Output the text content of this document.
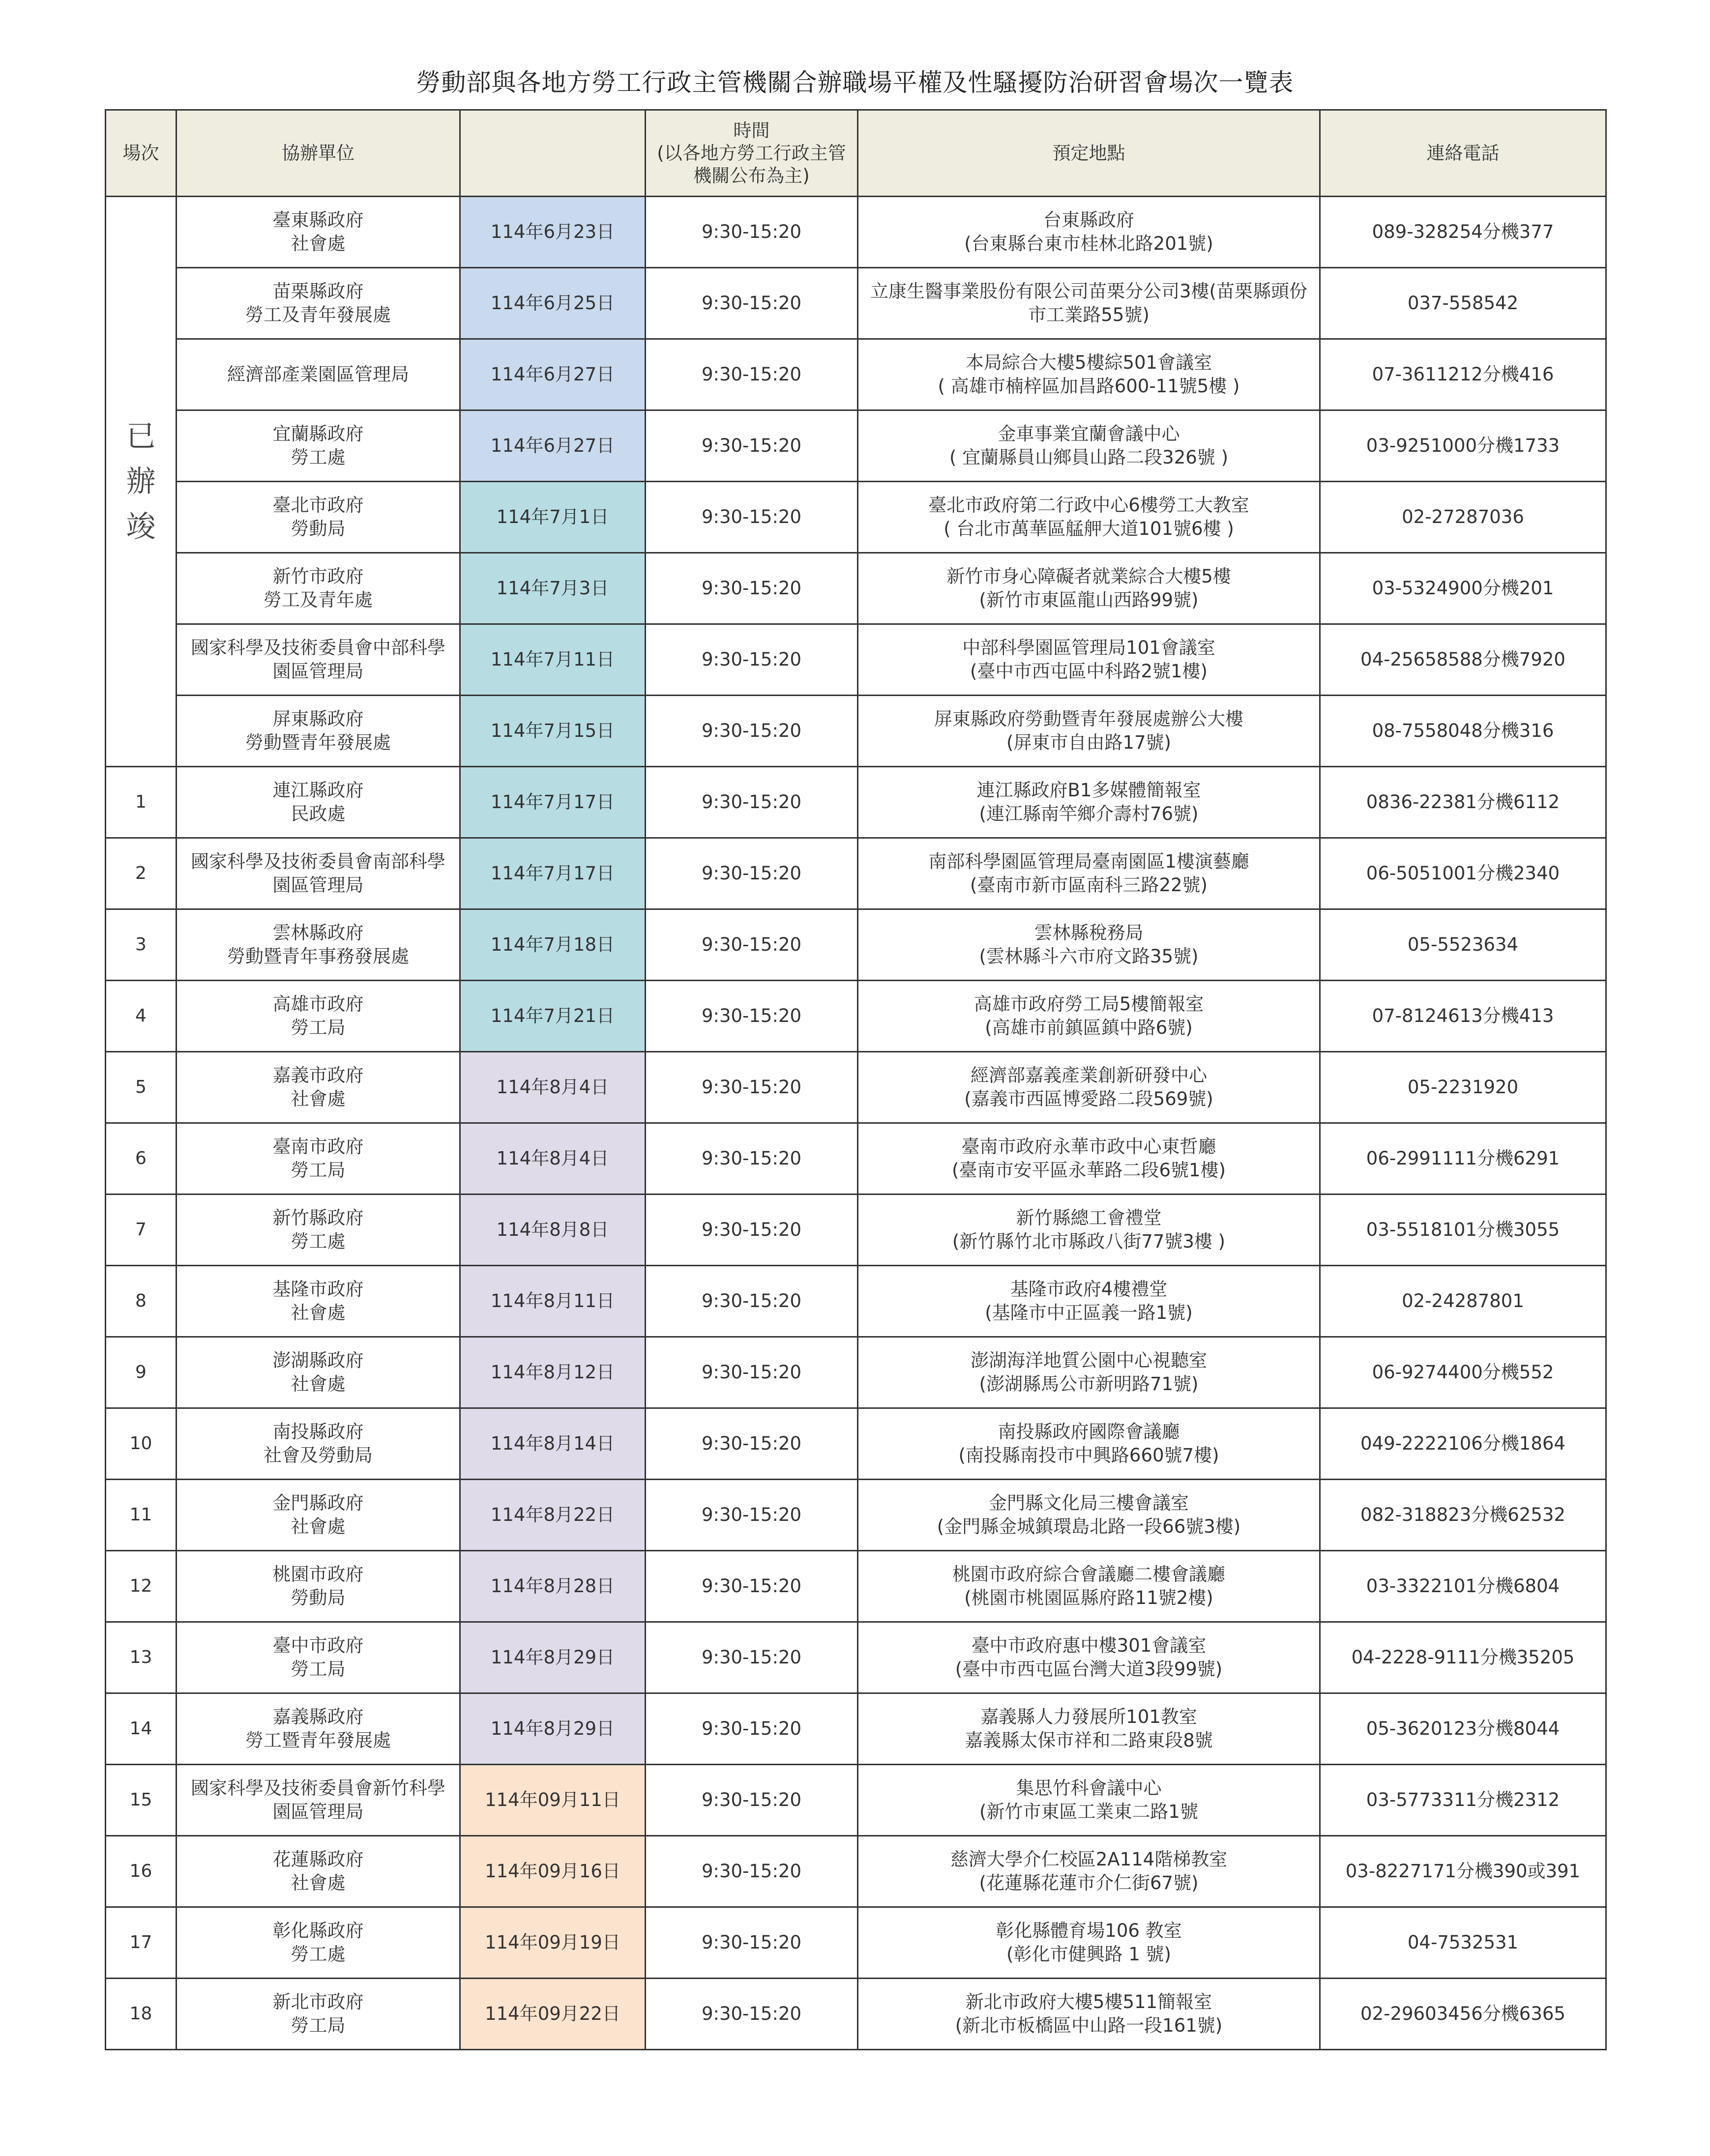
勞動部與各地方勞工行政主管機關合辦職場平權及性騷擾防治研習會場次一覽表
場次	協辦單位		時間
(以各地方勞工行政主管
機關公布為主)	預定地點	連絡電話

已
辦
竣	臺東縣政府
社會處	114年6月23日	9:30-15:20	台東縣政府
(台東縣台東市桂林北路201號)	089-328254分機377

	苗栗縣政府
勞工及青年發展處	114年6月25日	9:30-15:20	立康生醫事業股份有限公司苗栗分公司3樓(苗栗縣頭份
市工業路55號)	037-558542

	經濟部產業園區管理局	114年6月27日	9:30-15:20	本局綜合大樓5樓綜501會議室
( 高雄市楠梓區加昌路600-11號5樓 )	07-3611212分機416

	宜蘭縣政府
勞工處	114年6月27日	9:30-15:20	金車事業宜蘭會議中心
( 宜蘭縣員山鄉員山路二段326號 )	03-9251000分機1733

	臺北市政府
勞動局	114年7月1日	9:30-15:20	臺北市政府第二行政中心6樓勞工大教室
( 台北市萬華區艋舺大道101號6樓 )	02-27287036

	新竹市政府
勞工及青年處	114年7月3日	9:30-15:20	新竹市身心障礙者就業綜合大樓5樓
(新竹市東區龍山西路99號)	03-5324900分機201

	國家科學及技術委員會中部科學
園區管理局	114年7月11日	9:30-15:20	中部科學園區管理局101會議室
(臺中市西屯區中科路2號1樓)	04-25658588分機7920

	屏東縣政府
勞動暨青年發展處	114年7月15日	9:30-15:20	屏東縣政府勞動暨青年發展處辦公大樓
(屏東市自由路17號)	08-7558048分機316
1	連江縣政府
民政處	114年7月17日	9:30-15:20	連江縣政府B1多媒體簡報室
(連江縣南竿鄉介壽村76號)	0836-22381分機6112
2	國家科學及技術委員會南部科學
園區管理局	114年7月17日	9:30-15:20	南部科學園區管理局臺南園區1樓演藝廳
(臺南市新市區南科三路22號)	06-5051001分機2340
3	雲林縣政府
勞動暨青年事務發展處	114年7月18日	9:30-15:20	雲林縣稅務局
(雲林縣斗六市府文路35號)	05-5523634
4	高雄市政府
勞工局	114年7月21日	9:30-15:20	高雄市政府勞工局5樓簡報室
(高雄市前鎮區鎮中路6號)	07-8124613分機413
5	嘉義市政府
社會處	114年8月4日	9:30-15:20	經濟部嘉義產業創新研發中心
(嘉義市西區博愛路二段569號)	05-2231920
6	臺南市政府
勞工局	114年8月4日	9:30-15:20	臺南市政府永華市政中心東哲廳
(臺南市安平區永華路二段6號1樓)	06-2991111分機6291
7	新竹縣政府
勞工處	114年8月8日	9:30-15:20	新竹縣總工會禮堂
(新竹縣竹北市縣政八街77號3樓 )	03-5518101分機3055
8	基隆市政府
社會處	114年8月11日	9:30-15:20	基隆市政府4樓禮堂
(基隆市中正區義一路1號)	02-24287801
9	澎湖縣政府
社會處	114年8月12日	9:30-15:20	澎湖海洋地質公園中心視聽室
(澎湖縣馬公市新明路71號)	06-9274400分機552
10	南投縣政府
社會及勞動局	114年8月14日	9:30-15:20	南投縣政府國際會議廳
(南投縣南投市中興路660號7樓)	049-2222106分機1864
11	金門縣政府
社會處	114年8月22日	9:30-15:20	金門縣文化局三樓會議室
(金門縣金城鎮環島北路一段66號3樓)	082-318823分機62532
12	桃園市政府
勞動局	114年8月28日	9:30-15:20	桃園市政府綜合會議廳二樓會議廳
(桃園市桃園區縣府路11號2樓)	03-3322101分機6804
13	臺中市政府
勞工局	114年8月29日	9:30-15:20	臺中市政府惠中樓301會議室
(臺中市西屯區台灣大道3段99號)	04-2228-9111分機35205
14	嘉義縣政府
勞工暨青年發展處	114年8月29日	9:30-15:20	嘉義縣人力發展所101教室
嘉義縣太保市祥和二路東段8號	05-3620123分機8044
15	國家科學及技術委員會新竹科學
園區管理局	114年09月11日	9:30-15:20	集思竹科會議中心
(新竹市東區工業東二路1號	03-5773311分機2312
16	花蓮縣政府
社會處	114年09月16日	9:30-15:20	慈濟大學介仁校區2A114階梯教室
(花蓮縣花蓮市介仁街67號)	03-8227171分機390或391
17	彰化縣政府
勞工處	114年09月19日	9:30-15:20	彰化縣體育場106 教室
(彰化市健興路 1 號)	04-7532531
18	新北市政府
勞工局	114年09月22日	9:30-15:20	新北市政府大樓5樓511簡報室
(新北市板橋區中山路一段161號)	02-29603456分機6365
